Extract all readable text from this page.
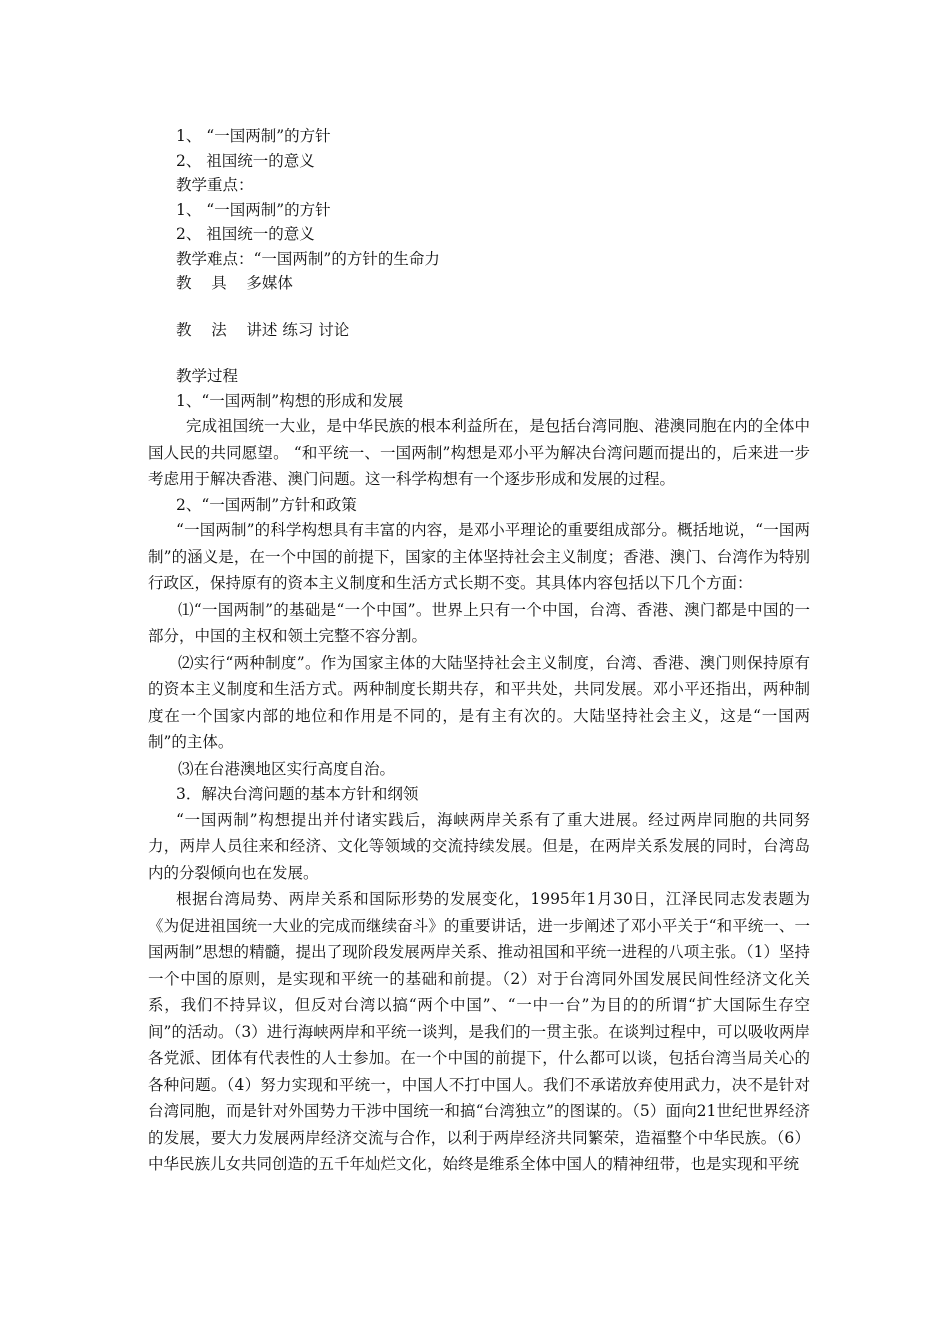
1、 “一国两制”的方针
2、 祖国统一的意义
教学重点：
1、 “一国两制”的方针
2、 祖国统一的意义
教学难点：“一国两制”的方针的生命力
教    具    多媒体
教    法    讲述 练习 讨论
教学过程
1、“一国两制”构想的形成和发展
完成祖国统一大业，是中华民族的根本利益所在，是包括台湾同胞、港澳同胞在内的全体中国人民的共同愿望。 “和平统一、一国两制”构想是邓小平为解决台湾问题而提出的，后来进一步考虑用于解决香港、澳门问题。这一科学构想有一个逐步形成和发展的过程。
2、“一国两制”方针和政策
“一国两制”的科学构想具有丰富的内容，是邓小平理论的重要组成部分。概括地说，“一国两制”的涵义是，在一个中国的前提下，国家的主体坚持社会主义制度；香港、澳门、台湾作为特别行政区，保持原有的资本主义制度和生活方式长期不变。其具体内容包括以下几个方面：
⑴“一国两制”的基础是“一个中国”。世界上只有一个中国，台湾、香港、澳门都是中国的一部分，中国的主权和领土完整不容分割。
⑵实行“两种制度”。作为国家主体的大陆坚持社会主义制度，台湾、香港、澳门则保持原有的资本主义制度和生活方式。两种制度长期共存，和平共处，共同发展。邓小平还指出，两种制度在一个国家内部的地位和作用是不同的，是有主有次的。大陆坚持社会主义，这是“一国两制”的主体。
⑶在台港澳地区实行高度自治。
3．解决台湾问题的基本方针和纲领
“一国两制”构想提出并付诸实践后，海峡两岸关系有了重大进展。经过两岸同胞的共同努力，两岸人员往来和经济、文化等领域的交流持续发展。但是，在两岸关系发展的同时，台湾岛内的分裂倾向也在发展。
根据台湾局势、两岸关系和国际形势的发展变化，1995年1月30日，江泽民同志发表题为《为促进祖国统一大业的完成而继续奋斗》的重要讲话，进一步阐述了邓小平关于“和平统一、一国两制”思想的精髓，提出了现阶段发展两岸关系、推动祖国和平统一进程的八项主张。（1）坚持一个中国的原则，是实现和平统一的基础和前提。（2）对于台湾同外国发展民间性经济文化关系，我们不持异议，但反对台湾以搞“两个中国”、“一中一台”为目的的所谓“扩大国际生存空间”的活动。（3）进行海峡两岸和平统一谈判，是我们的一贯主张。在谈判过程中，可以吸收两岸各党派、团体有代表性的人士参加。在一个中国的前提下，什么都可以谈，包括台湾当局关心的各种问题。（4）努力实现和平统一，中国人不打中国人。我们不承诺放弃使用武力，决不是针对台湾同胞，而是针对外国势力干涉中国统一和搞“台湾独立”的图谋的。（5）面向21世纪世界经济的发展，要大力发展两岸经济交流与合作，以利于两岸经济共同繁荣，造福整个中华民族。（6）中华民族儿女共同创造的五千年灿烂文化，始终是维系全体中国人的精神纽带，也是实现和平统
